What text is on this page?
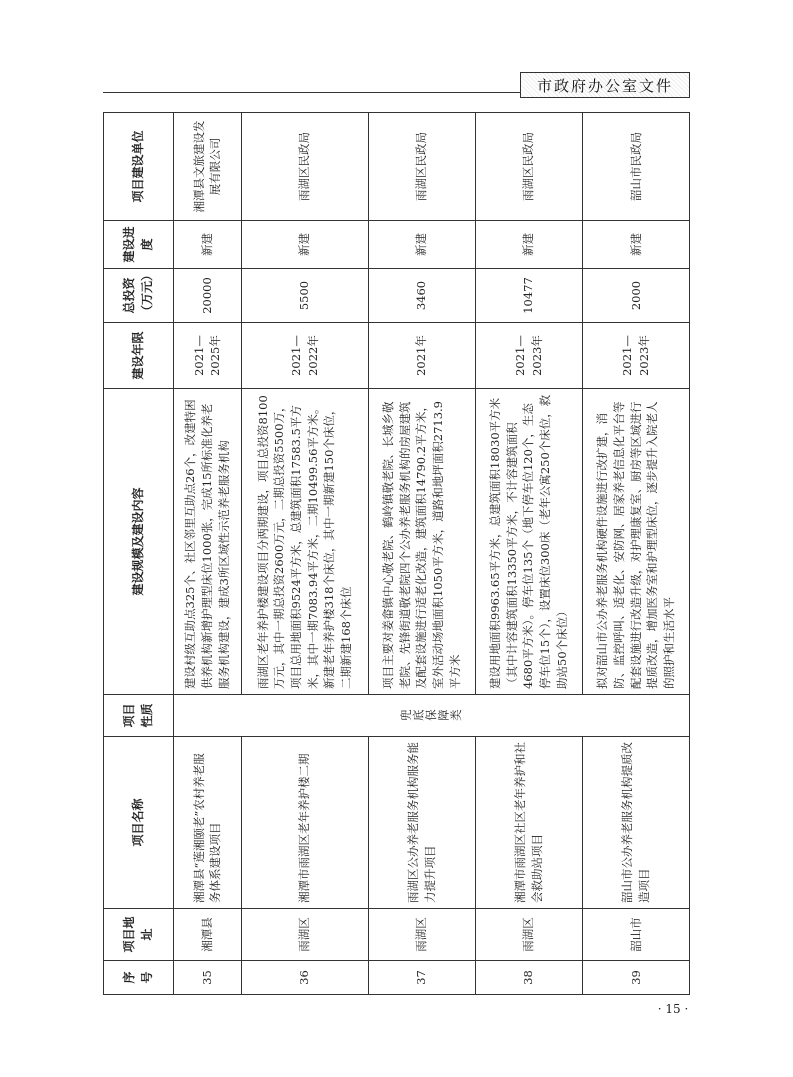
市政府办公室文件
序号	项目地址	项目名称	项目性质	建设规模及建设内容	建设年限	总投资（万元）	建设进度	项目建设单位
35	湘潭县	湘潭县“莲湘颐老”农村养老服务体系建设项目	兜底保障类	建设村级互助点325个、社区邻里互助点26个，改建特困供养机构新增护理型床位1000张，完成15所标准化养老服务机构建设，建成3所区域性示范养老服务机构	2021—2025年	20000	新建	湘潭县文旅建设发展有限公司
36	雨湖区	湘潭市雨湖区老年养护楼二期		雨湖区老年养护楼建设项目分两期建设，项目总投资8100万元，其中一期总投资2600万元，二期总投资5500万，项目总用地面积9524平方米，总建筑面积17583.5平方米，其中一期7083.94平方米，二期10499.56平方米。新建老年养护楼318个床位，其中一期新建150个床位，二期新建168个床位	2021—2022年	5500	新建	雨湖区民政局
37	雨湖区	雨湖区公办养老服务机构服务能力提升项目		项目主要对姜畲镇中心敬老院、鹤岭镇敬老院、长城乡敬老院、先锋街道敬老院四个公办养老服务机构的房屋建筑及配套设施进行适老化改造，建筑面积14790.2平方米，室外活动场地面积1050平方米，道路和地坪面积2713.9平方米	2021年	3460	新建	雨湖区民政局
38	雨湖区	湘潭市雨湖区社区老年养护和社会救助站项目		建设用地面积9963.65平方米，总建筑面积18030平方米（其中计容建筑面积13350平方米，不计容建筑面积4680平方米）。停车位135个（地下停车位120个，生态停车位15个），设置床位300床（老年公寓250个床位，救助站50个床位）	2021—2023年	10477	新建	雨湖区民政局
39	韶山市	韶山市公办养老服务机构提质改造项目		拟对韶山市公办养老服务机构硬件设施进行改扩建，消防、监控呼叫、适老化、安防网、居家养老信息化平台等配套设施进行改造升级，对护理康复室、厨房等区域进行提质改造，增加医务室和护理型床位，逐步提升入院老人的照护和生活水平	2021—2023年	2000	新建	韶山市民政局
· 15 ·
